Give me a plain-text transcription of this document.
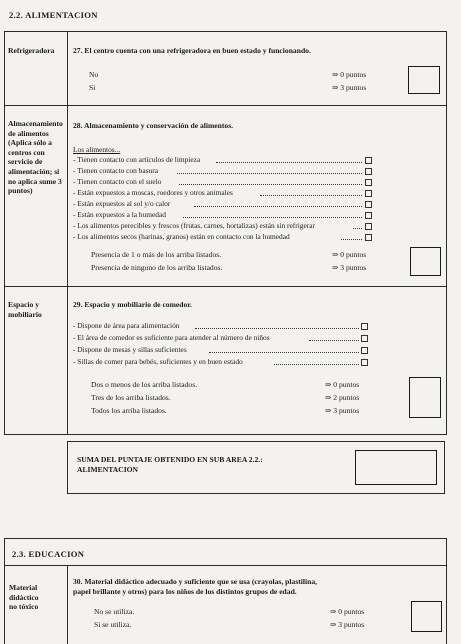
2.2. ALIMENTACION
Refrigeradora 27. El centro cuenta con una refrigeradora en buen estado y funcionando.
No	⇒ 0 puntos
Si	⇒ 3 puntos
Almacenamiento
de alimentos
(Aplica sólo a
centros con
servicio de
alimentación; si
no aplica sume 3
puntos)
28. Almacenamiento y conservación de alimentos.
Los alimentos...
- Tienen contacto con artículos de limpieza
- Tienen contacto con basura
- Tienen contacto con el suelo
- Están expuestos a moscas, roedores y otros animales
- Están expuestos al sol y/o calor
- Están expuestos a la humedad
- Los alimentos perecibles y frescos (frutas, carnes, hortalizas) están sin refrigerar
- Los alimentos secos (harinas, granos) están en contacto con la humedad
Presencia de 1 o más de los arriba listados.	⇒ 0 puntos
Presencia de ninguno de los arriba listados.	⇒ 3 puntos
Espacio y
mobiliario
29. Espacio y mobiliario de comedor.
- Dispone de área para alimentación
- El área de comedor es suficiente para atender al número de niños
- Dispone de mesas y sillas suficientes
- Sillas de comer para bebés, suficientes y en buen estado
Dos o menos de los arriba listados.	⇒ 0 puntos
Tres de los arriba listados.	⇒ 2 puntos
Todos los arriba listados.	⇒ 3 puntos
SUMA DEL PUNTAJE OBTENIDO EN SUB AREA 2.2.:
ALIMENTACION
2.3. EDUCACION
Material
didáctico
no tóxico
30. Material didáctico adecuado y suficiente que se usa (crayolas, plastilina,
papel brillante y otros) para los niños de los distintos grupos de edad.
No se utiliza.	⇒ 0 puntos
Si se utiliza.	⇒ 3 puntos
